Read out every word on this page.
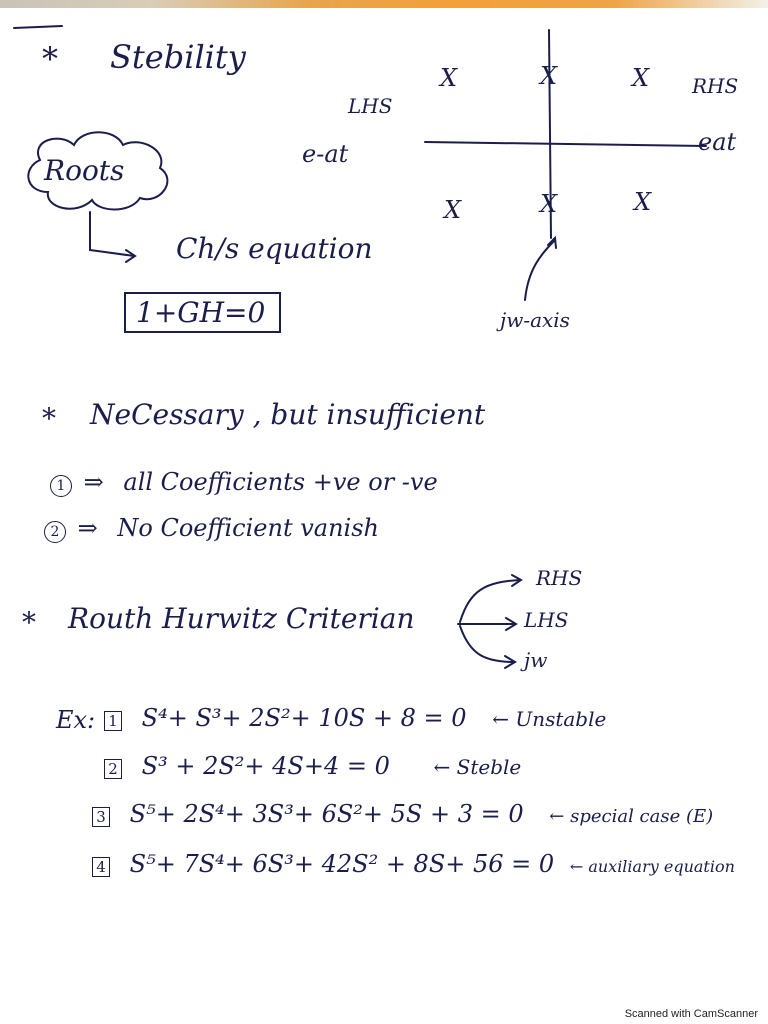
* Stebility
LHS
RHS
e-at	eat
jw-axis
X	X	X
X	X	X
Roots
Ch/s equation
1+GH=0
* NeCessary , but insufficient
1 ⇒ all Coefficients +ve or -ve
2 ⇒ No Coefficient vanish
* Routh Hurwitz Criterian
RHS
LHS
jw
Ex: 1 S⁴+ S³+ 2S²+ 10S + 8 = 0 ← Unstable
2 S³ + 2S²+ 4S+4 = 0 ← Steble
3 S⁵+ 2S⁴+ 3S³+ 6S²+ 5S + 3 = 0 ← special case (E)
4 S⁵+ 7S⁴+ 6S³+ 42S² + 8S+ 56 = 0 ← auxiliary equation
Scanned with CamScanner
